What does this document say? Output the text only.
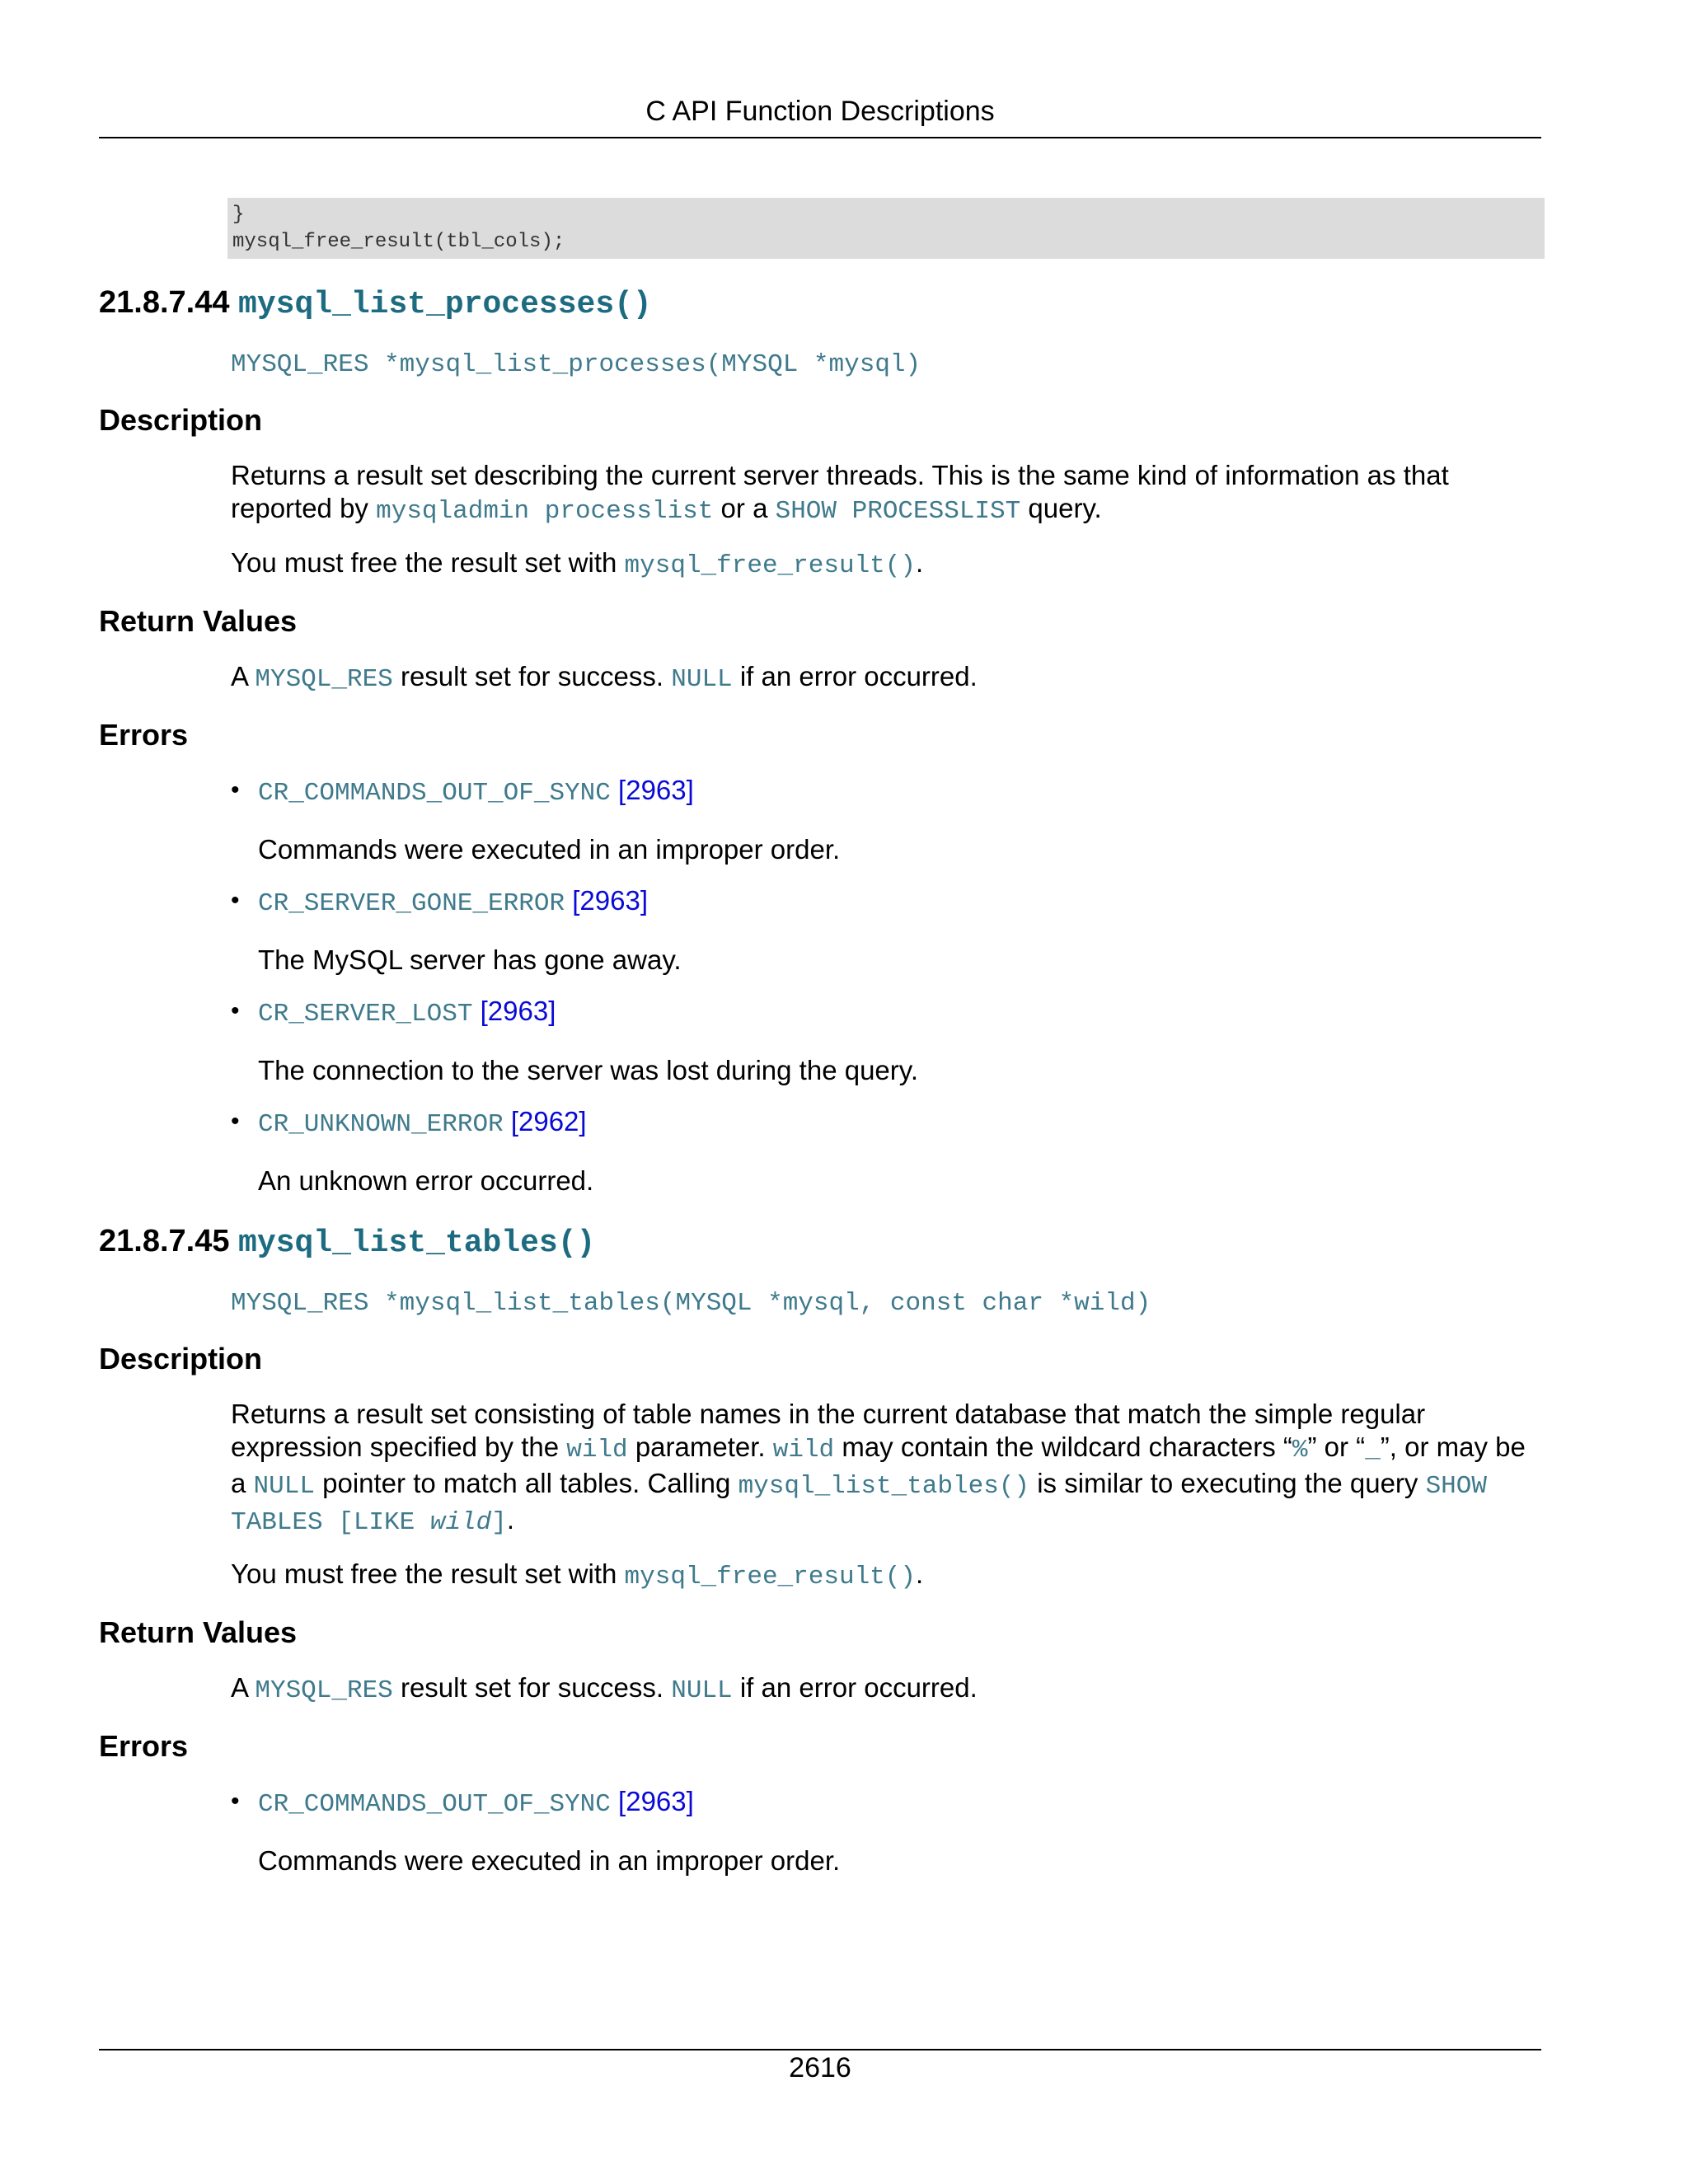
C API Function Descriptions
}
mysql_free_result(tbl_cols);
21.8.7.44 mysql_list_processes()
MYSQL_RES *mysql_list_processes(MYSQL *mysql)
Description

Returns a result set describing the current server threads. This is the same kind of information as that reported by mysqladmin processlist or a SHOW PROCESSLIST query.

You must free the result set with mysql_free_result().

Return Values

A MYSQL_RES result set for success. NULL if an error occurred.

Errors
• CR_COMMANDS_OUT_OF_SYNC [2963]
Commands were executed in an improper order.
• CR_SERVER_GONE_ERROR [2963]
The MySQL server has gone away.
• CR_SERVER_LOST [2963]
The connection to the server was lost during the query.
• CR_UNKNOWN_ERROR [2962]
An unknown error occurred.
21.8.7.45 mysql_list_tables()
MYSQL_RES *mysql_list_tables(MYSQL *mysql, const char *wild)
Description

Returns a result set consisting of table names in the current database that match the simple regular expression specified by the wild parameter. wild may contain the wildcard characters “%” or “_”, or may be a NULL pointer to match all tables. Calling mysql_list_tables() is similar to executing the query SHOW TABLES [LIKE wild].

You must free the result set with mysql_free_result().

Return Values

A MYSQL_RES result set for success. NULL if an error occurred.

Errors
• CR_COMMANDS_OUT_OF_SYNC [2963]
Commands were executed in an improper order.
2616
